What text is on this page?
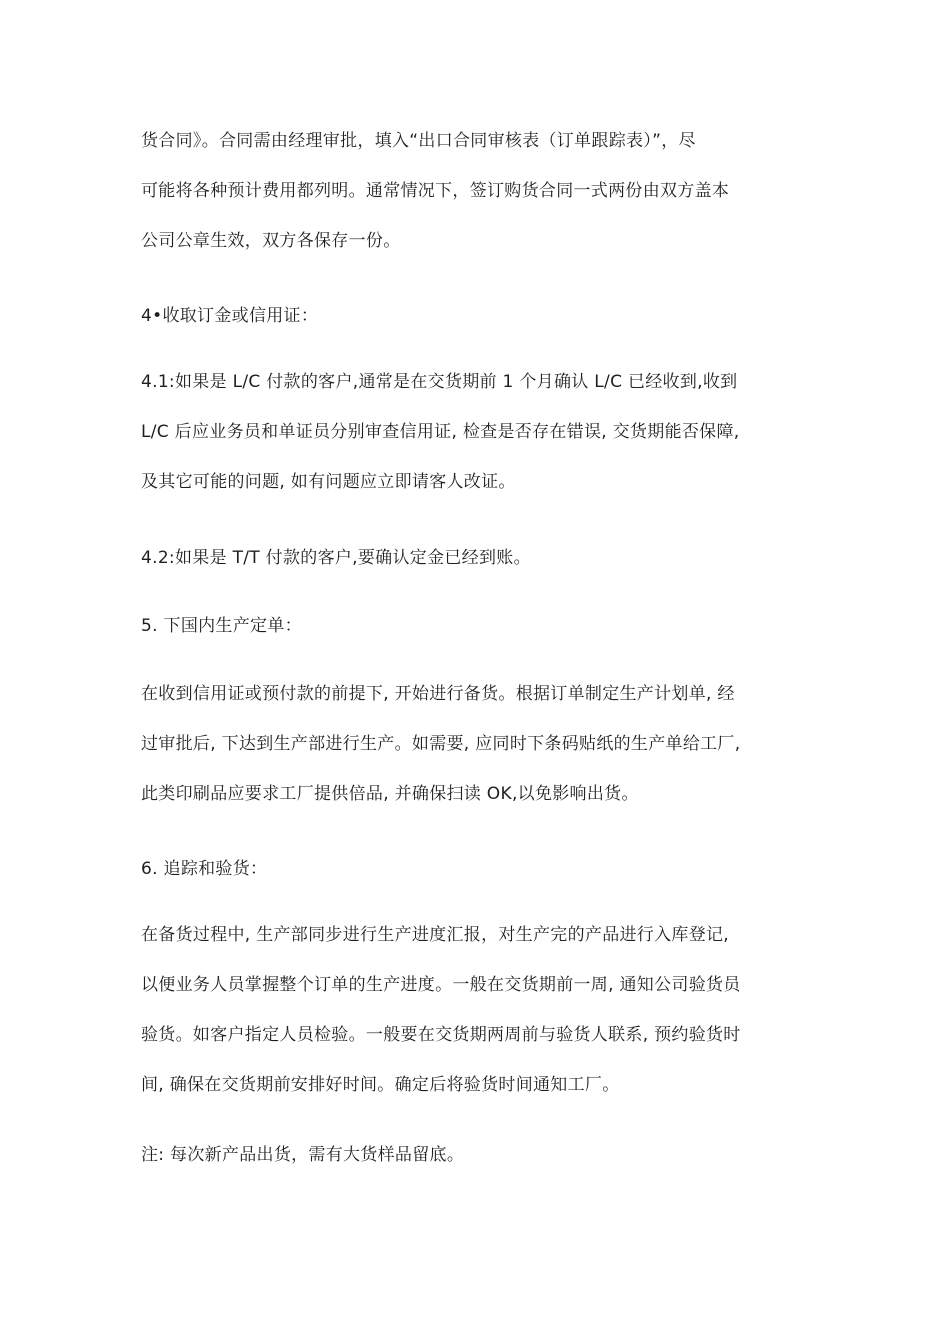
货合同》。合同需由经理审批，填入“出口合同审核表（订单跟踪表）”，尽
可能将各种预计费用都列明。通常情况下，签订购货合同一式两份由双方盖本
公司公章生效，双方各保存一份。

4•收取订金或信用证：

4.1:如果是 L/C 付款的客户,通常是在交货期前 1 个月确认 L/C 已经收到,收到
L/C 后应业务员和单证员分别审查信用证, 检查是否存在错误, 交货期能否保障,
及其它可能的问题, 如有问题应立即请客人改证。

4.2:如果是 T/T 付款的客户,要确认定金已经到账。

5. 下国内生产定单：

在收到信用证或预付款的前提下, 开始进行备货。根据订单制定生产计划单, 经
过审批后, 下达到生产部进行生产。如需要, 应同时下条码贴纸的生产单给工厂,
此类印刷品应要求工厂提供倍品, 并确保扫读 OK,以免影响出货。

6. 追踪和验货：

在备货过程中, 生产部同步进行生产进度汇报，对生产完的产品进行入库登记,
以便业务人员掌握整个订单的生产进度。一般在交货期前一周, 通知公司验货员
验货。如客户指定人员检验。一般要在交货期两周前与验货人联系, 预约验货时
间, 确保在交货期前安排好时间。确定后将验货时间通知工厂。

注: 每次新产品出货，需有大货样品留底。
